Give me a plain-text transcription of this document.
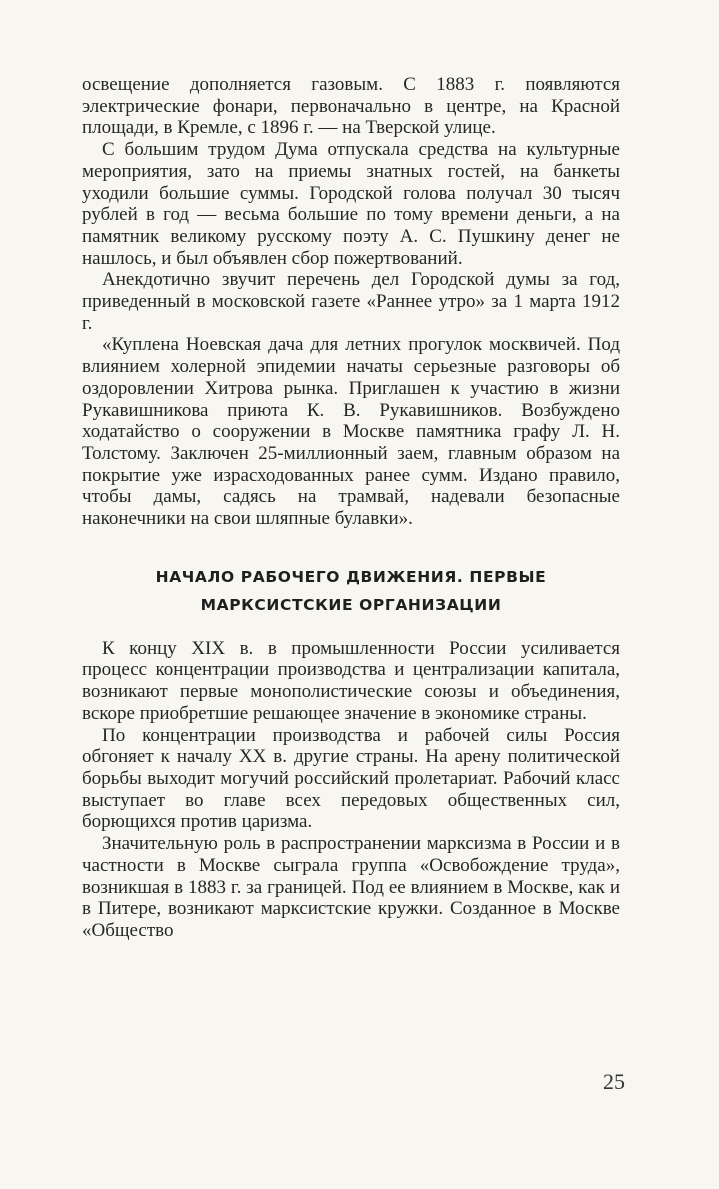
освещение дополняется газовым. С 1883 г. появляются электрические фонари, первоначально в центре, на Красной площади, в Кремле, с 1896 г. — на Тверской улице.

С большим трудом Дума отпускала средства на культурные мероприятия, зато на приемы знатных гостей, на банкеты уходили большие суммы. Городской голова получал 30 тысяч рублей в год — весьма большие по тому времени деньги, а на памятник великому русскому поэту А. С. Пушкину денег не нашлось, и был объявлен сбор пожертвований.

Анекдотично звучит перечень дел Городской думы за год, приведенный в московской газете «Раннее утро» за 1 марта 1912 г.

«Куплена Ноевская дача для летних прогулок москвичей. Под влиянием холерной эпидемии начаты серьезные разговоры об оздоровлении Хитрова рынка. Приглашен к участию в жизни Рукавишникова приюта К. В. Рукавишников. Возбуждено ходатайство о сооружении в Москве памятника графу Л. Н. Толстому. Заключен 25-миллионный заем, главным образом на покрытие уже израсходованных ранее сумм. Издано правило, чтобы дамы, садясь на трамвай, надевали безопасные наконечники на свои шляпные булавки».

НАЧАЛО РАБОЧЕГО ДВИЖЕНИЯ. ПЕРВЫЕ
МАРКСИСТСКИЕ ОРГАНИЗАЦИИ

К концу XIX в. в промышленности России усиливается процесс концентрации производства и централизации капитала, возникают первые монополистические союзы и объединения, вскоре приобретшие решающее значение в экономике страны.

По концентрации производства и рабочей силы Россия обгоняет к началу XX в. другие страны. На арену политической борьбы выходит могучий российский пролетариат. Рабочий класс выступает во главе всех передовых общественных сил, борющихся против царизма.

Значительную роль в распространении марксизма в России и в частности в Москве сыграла группа «Освобождение труда», возникшая в 1883 г. за границей. Под ее влиянием в Москве, как и в Питере, возникают марксистские кружки. Созданное в Москве «Общество

25
